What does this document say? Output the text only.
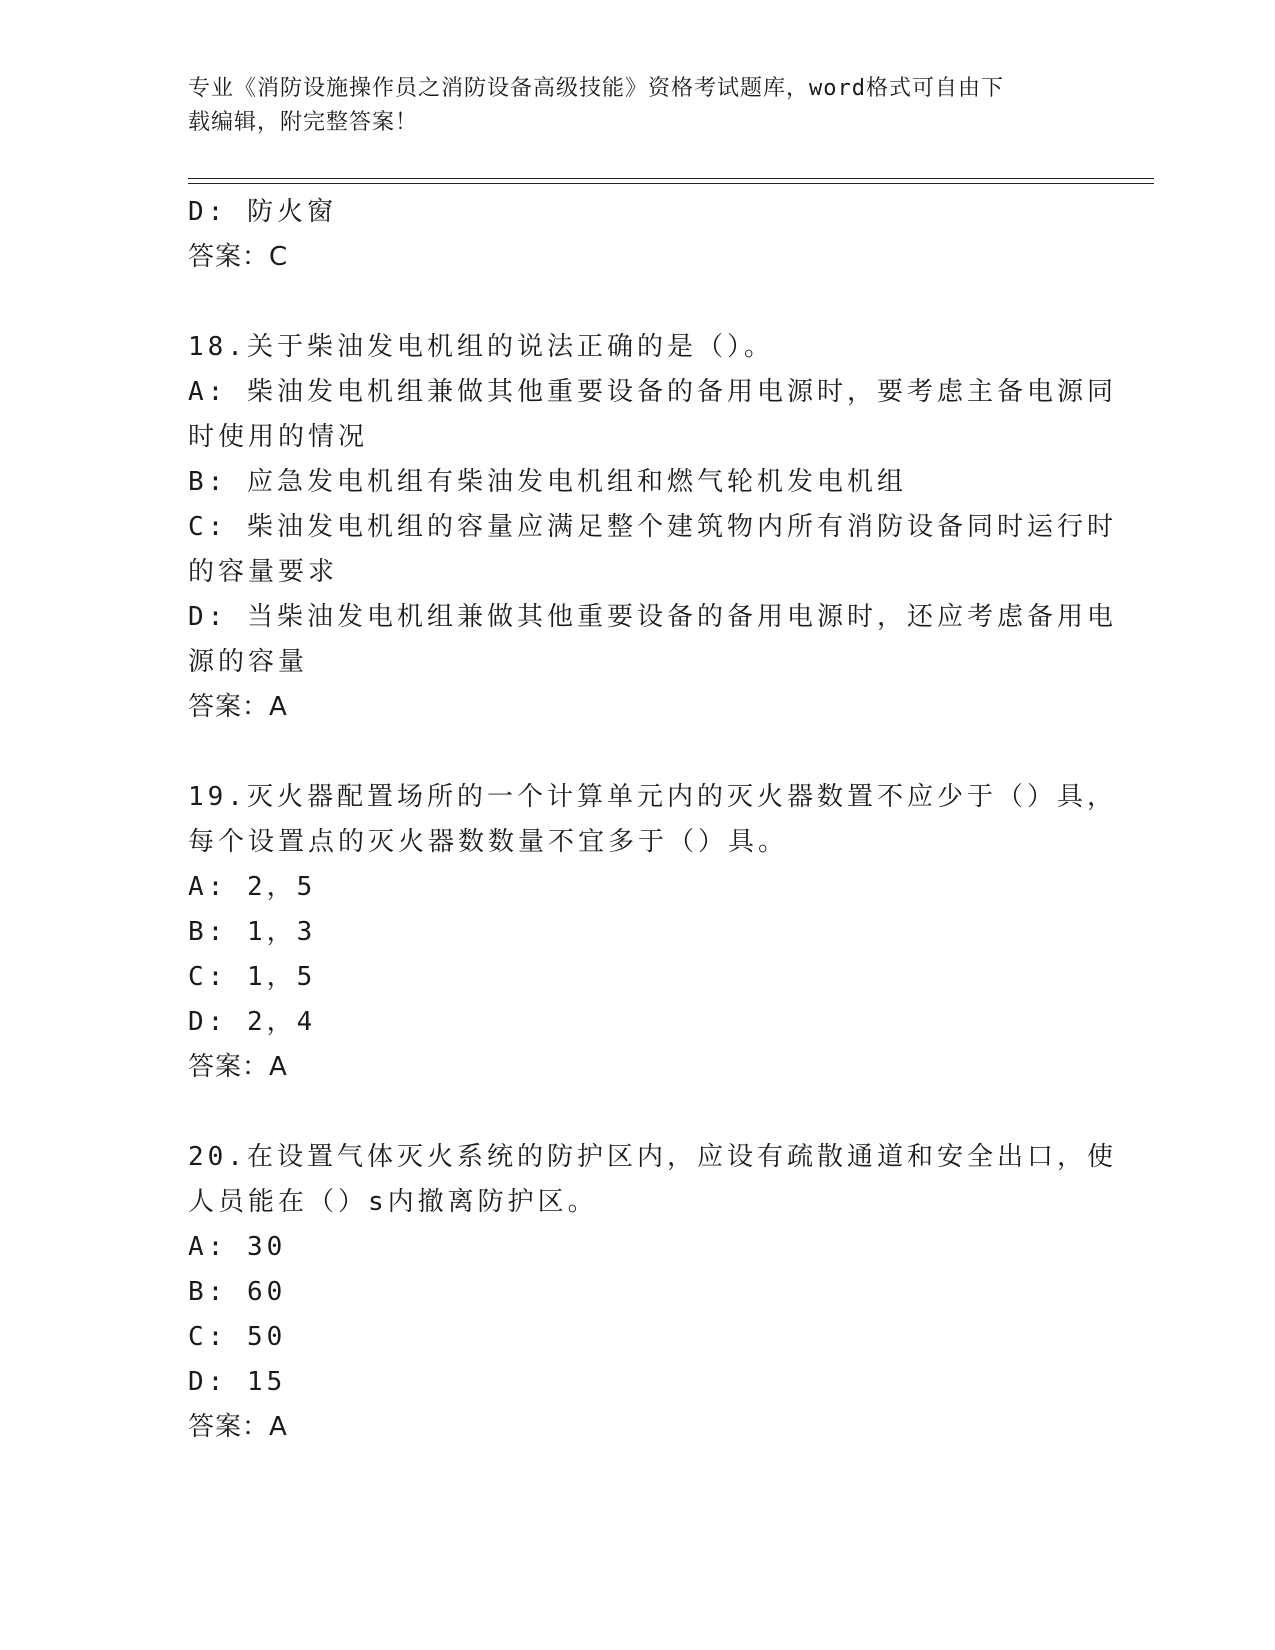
专业《消防设施操作员之消防设备高级技能》资格考试题库，word格式可自由下
载编辑，附完整答案！
D: 防火窗
答案：C
18.关于柴油发电机组的说法正确的是（）。
A: 柴油发电机组兼做其他重要设备的备用电源时，要考虑主备电源同
时使用的情况
B: 应急发电机组有柴油发电机组和燃气轮机发电机组
C: 柴油发电机组的容量应满足整个建筑物内所有消防设备同时运行时
的容量要求
D: 当柴油发电机组兼做其他重要设备的备用电源时，还应考虑备用电
源的容量
答案：A
19.灭火器配置场所的一个计算单元内的灭火器数置不应少于（）具，
每个设置点的灭火器数数量不宜多于（）具。
A: 2，5
B: 1，3
C: 1，5
D: 2，4
答案：A
20.在设置气体灭火系统的防护区内，应设有疏散通道和安全出口，使
人员能在（）s内撤离防护区。
A: 30
B: 60
C: 50
D: 15
答案：A
